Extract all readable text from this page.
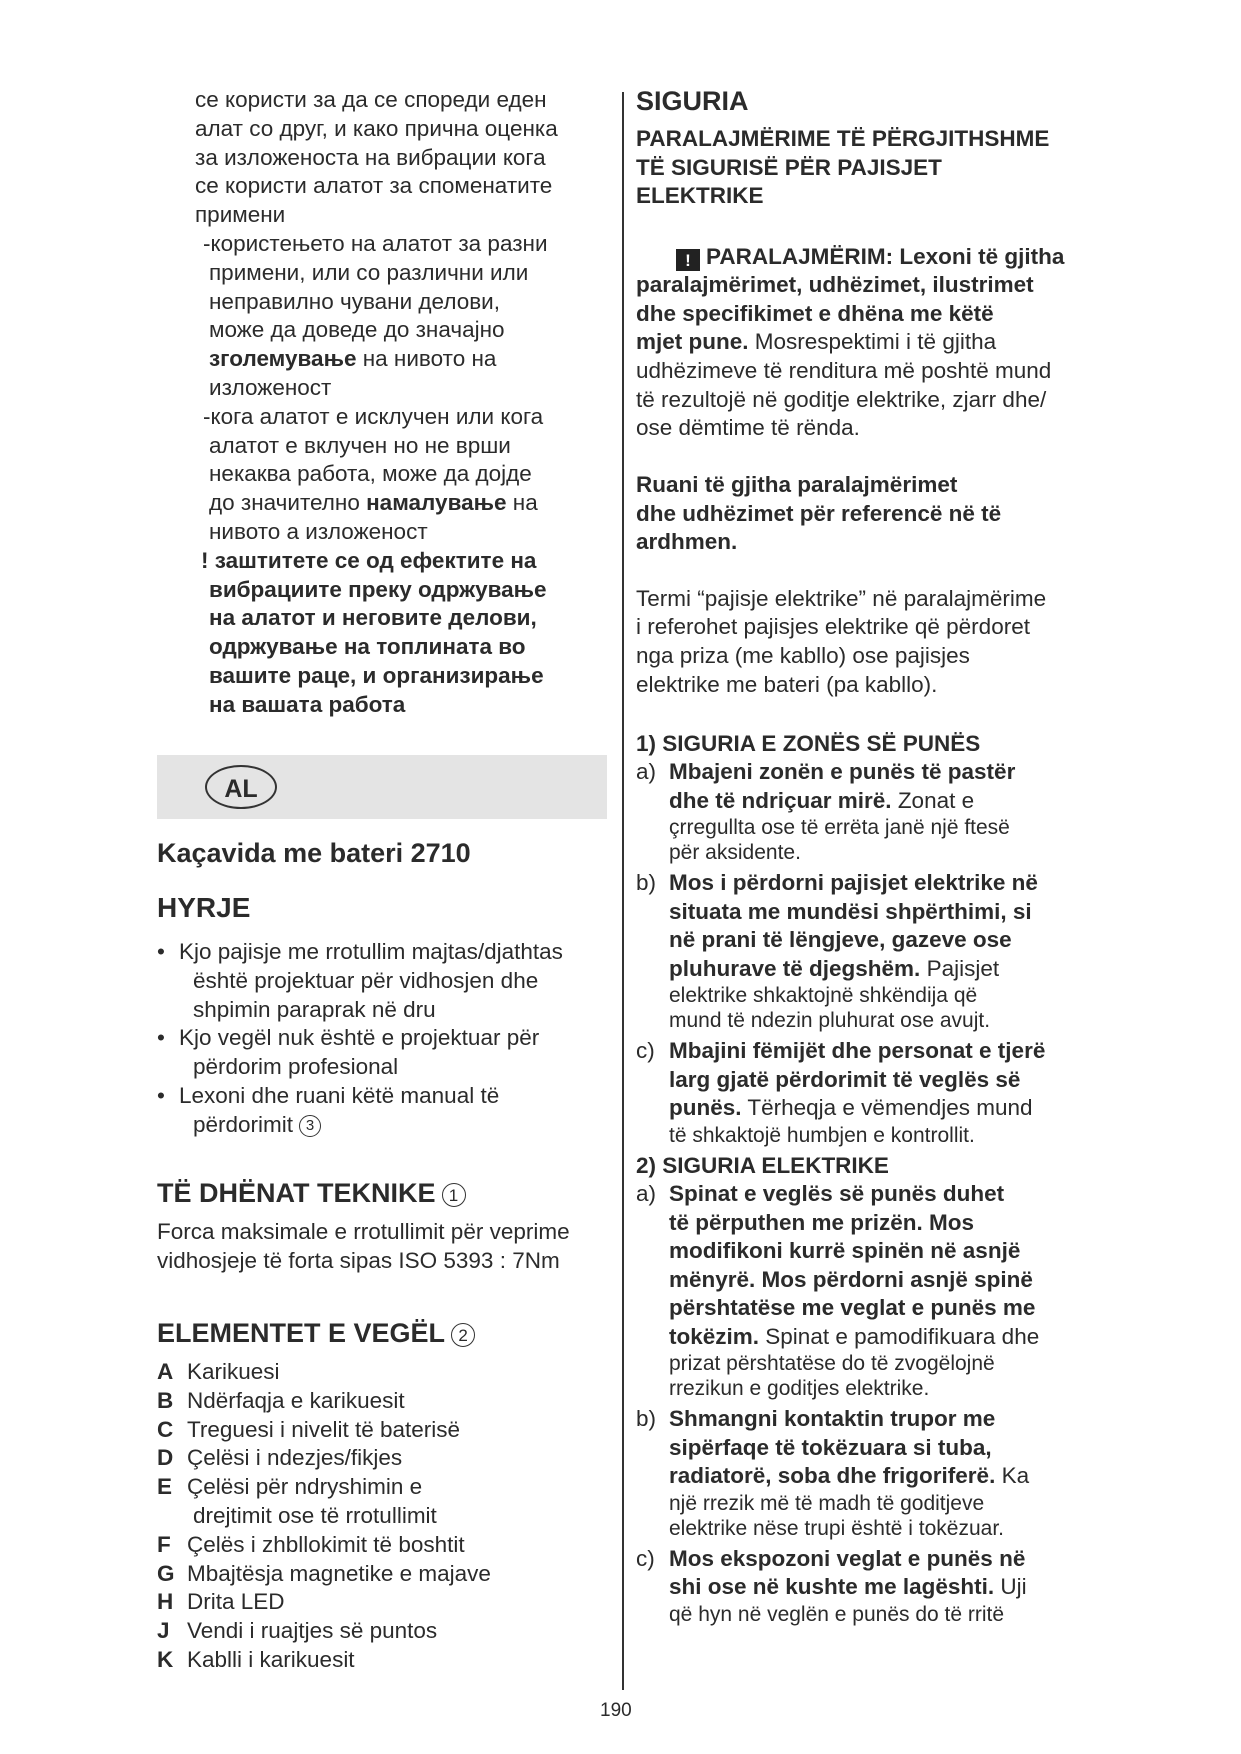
се користи за да се спореди еден

алат со друг, и како прична оценка

за изложеноста на вибрации кога

се користи алатот за споменатите

примени

-користењето на алатот за разни

примени, или со различни или

неправилно чувани делови,

може да доведе до значајно

зголемување на нивото на

изложеност

-кога алатот е исклучен или кога

алатот е вклучен но не врши

некаква работа, може да дојде

до значително намалување на

нивото а изложеност

! заштитете се од ефектите на

вибрациите преку одржување

на алатот и неговите делови,

одржување на топлината во

вашите раце, и организирање

на вашата работа

AL
Kaçavida me bateri 2710
HYRJE
• Kjo pajisje me rrotullim majtas/djathtas
është projektuar për vidhosjen dhe
shpimin paraprak në dru
• Kjo vegël nuk është e projektuar për
përdorim profesional
• Lexoni dhe ruani këtë manual të
përdorimit 3
TË DHËNAT TEKNIKE 1

Forca maksimale e rrotullimit për veprime

vidhosjeje të forta sipas ISO 5393 : 7Nm

ELEMENTET E VEGËL 2
A Karikuesi
B Ndërfaqja e karikuesit
C Treguesi i nivelit të baterisë
D Çelësi i ndezjes/fikjes
E Çelësi për ndryshimin e
drejtimit ose të rrotullimit
F Çelës i zhbllokimit të boshtit
G Mbajtësja magnetike e majave
H Drita LED
J Vendi i ruajtjes së puntos
K Kablli i karikuesit
SIGURIA

PARALAJMËRIME TË PËRGJITHSHME

TË SIGURISË PËR PAJISJET

ELEKTRIKE

! PARALAJMËRIM: Lexoni të gjitha

paralajmërimet, udhëzimet, ilustrimet

dhe specifikimet e dhëna me këtë

mjet pune. Mosrespektimi i të gjitha

udhëzimeve të renditura më poshtë mund

të rezultojë në goditje elektrike, zjarr dhe/

ose dëmtime të rënda.

Ruani të gjitha paralajmërimet

dhe udhëzimet për referencë në të

ardhmen.

Termi “pajisje elektrike” në paralajmërime

i referohet pajisjes elektrike që përdoret

nga priza (me kabllo) ose pajisjes

elektrike me bateri (pa kabllo).

1) SIGURIA E ZONËS SË PUNËS

a) Mbajeni zonën e punës të pastër
dhe të ndriçuar mirë. Zonat e
çrregullta ose të errëta janë një ftesë
për aksidente.
b) Mos i përdorni pajisjet elektrike në
situata me mundësi shpërthimi, si
në prani të lëngjeve, gazeve ose
pluhurave të djegshëm. Pajisjet
elektrike shkaktojnë shkëndija që
mund të ndezin pluhurat ose avujt.
c) Mbajini fëmijët dhe personat e tjerë
larg gjatë përdorimit të veglës së
punës. Tërheqja e vëmendjes mund
të shkaktojë humbjen e kontrollit.

2) SIGURIA ELEKTRIKE

a) Spinat e veglës së punës duhet
të përputhen me prizën. Mos
modifikoni kurrë spinën në asnjë
mënyrë. Mos përdorni asnjë spinë
përshtatëse me veglat e punës me
tokëzim. Spinat e pamodifikuara dhe
prizat përshtatëse do të zvogëlojnë
rrezikun e goditjes elektrike.
b) Shmangni kontaktin trupor me
sipërfaqe të tokëzuara si tuba,
radiatorë, soba dhe frigoriferë. Ka
një rrezik më të madh të goditjeve
elektrike nëse trupi është i tokëzuar.
c) Mos ekspozoni veglat e punës në
shi ose në kushte me lagështi. Uji
që hyn në veglën e punës do të rritë
190
